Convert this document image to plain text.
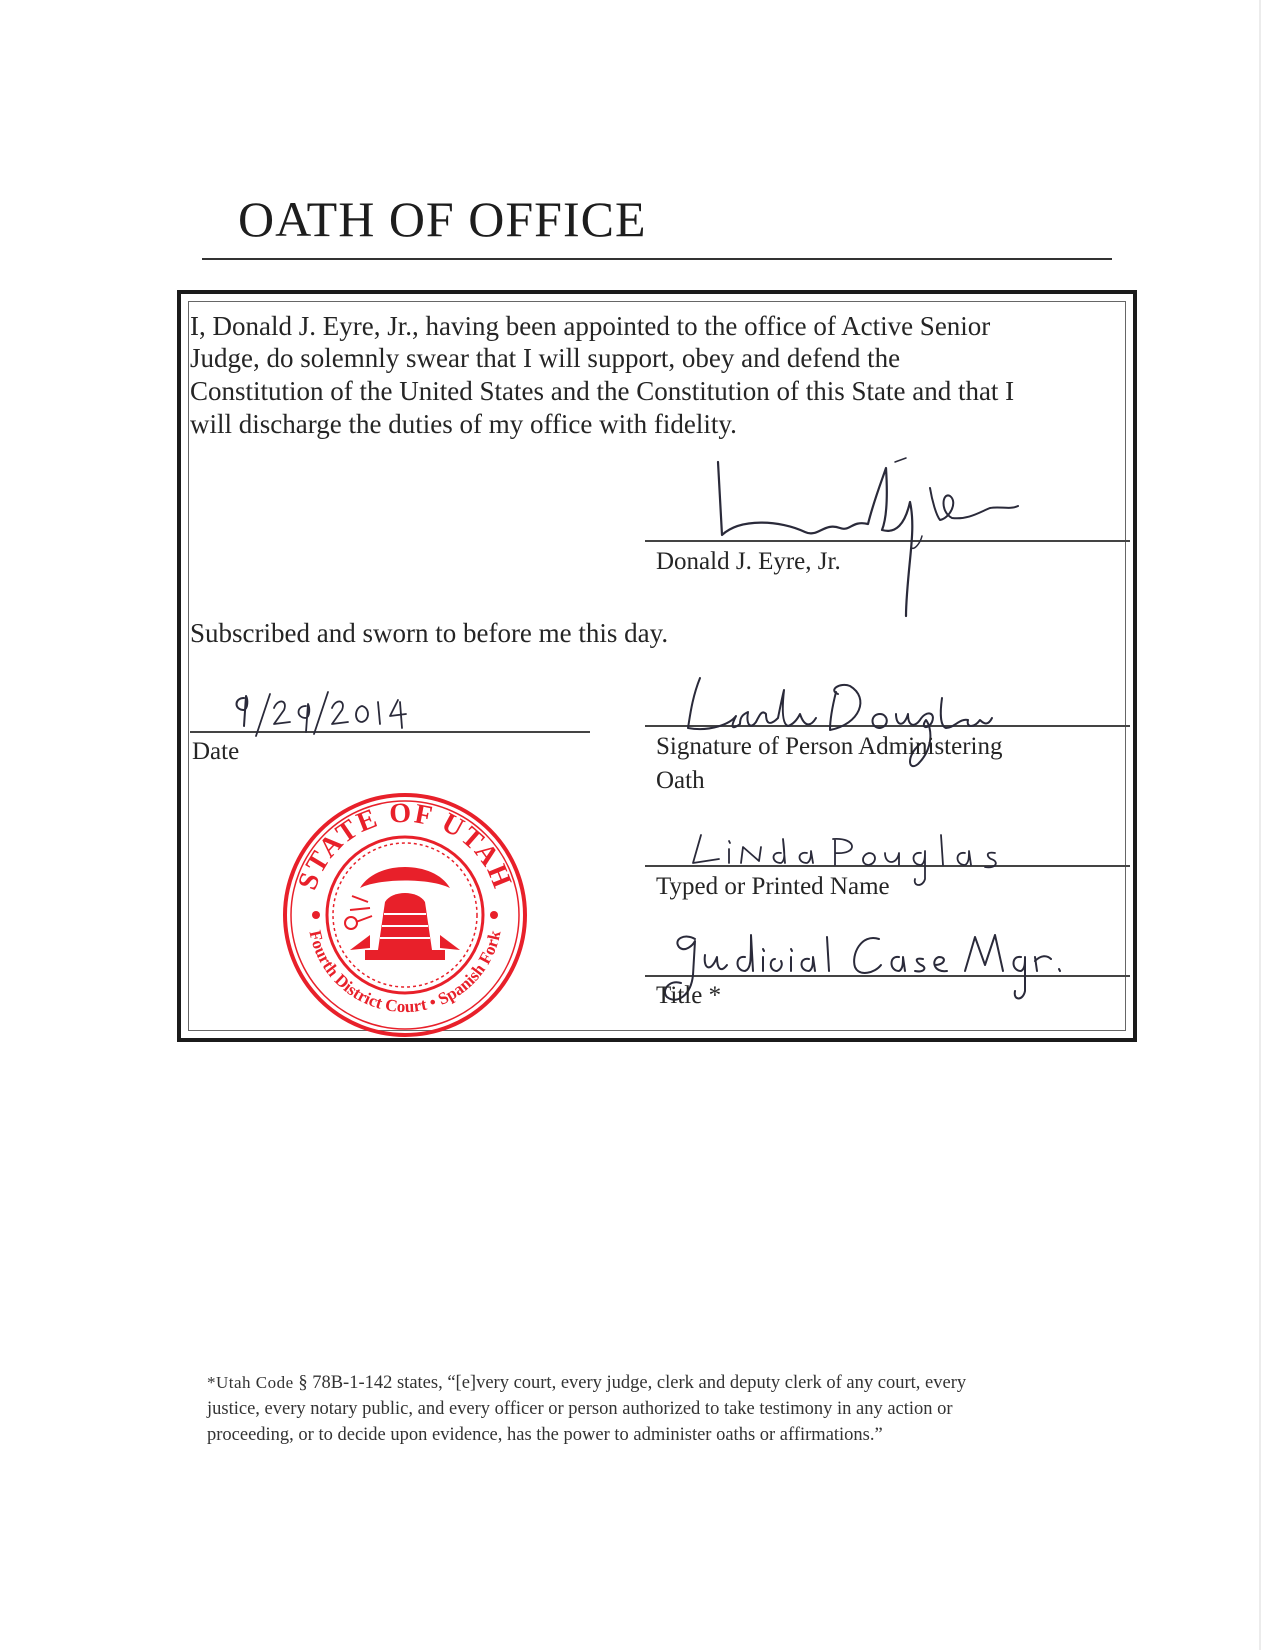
OATH OF OFFICE
I, Donald J. Eyre, Jr., having been appointed to the office of Active Senior
Judge, do solemnly swear that I will support, obey and defend the
Constitution of the United States and the Constitution of this State and that I
will discharge the duties of my office with fidelity.
Donald J. Eyre, Jr.
Subscribed and sworn to before me this day.
Date	Signature of Person Administering
Oath
Typed or Printed Name
Title *
STATE OF UTAH
Fourth District Court • Spanish Fork
*Utah Code § 78B-1-142 states, “[e]very court, every judge, clerk and deputy clerk of any court, every
justice, every notary public, and every officer or person authorized to take testimony in any action or
proceeding, or to decide upon evidence, has the power to administer oaths or affirmations.”
